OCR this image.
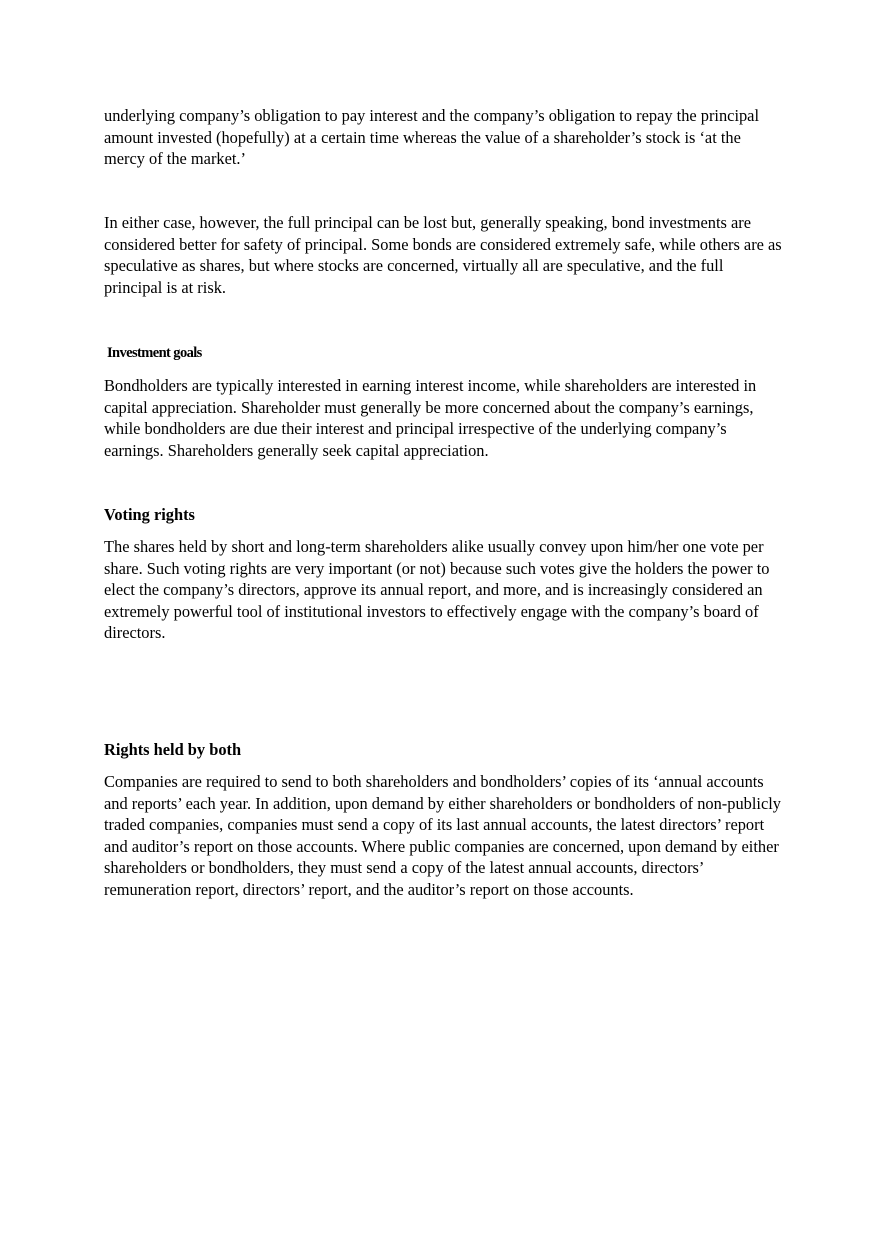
underlying company’s obligation to pay interest and the company’s obligation to repay the principal amount invested (hopefully) at a certain time whereas the value of a shareholder’s stock is ‘at the mercy of the market.’

In either case, however, the full principal can be lost but, generally speaking, bond investments are considered better for safety of principal. Some bonds are considered extremely safe, while others are as speculative as shares, but where stocks are concerned, virtually all are speculative, and the full principal is at risk.

Investment goals

Bondholders are typically interested in earning interest income, while shareholders are interested in capital appreciation. Shareholder must generally be more concerned about the company’s earnings, while bondholders are due their interest and principal irrespective of the underlying company’s earnings. Shareholders generally seek capital appreciation.

Voting rights

The shares held by short and long-term shareholders alike usually convey upon him/her one vote per share. Such voting rights are very important (or not) because such votes give the holders the power to elect the company’s directors, approve its annual report, and more, and is increasingly considered an extremely powerful tool of institutional investors to effectively engage with the company’s board of directors.

Rights held by both

Companies are required to send to both shareholders and bondholders’ copies of its ‘annual accounts and reports’ each year. In addition, upon demand by either shareholders or bondholders of non-publicly traded companies, companies must send a copy of its last annual accounts, the latest directors’ report and auditor’s report on those accounts. Where public companies are concerned, upon demand by either shareholders or bondholders, they must send a copy of the latest annual accounts, directors’ remuneration report, directors’ report, and the auditor’s report on those accounts.
